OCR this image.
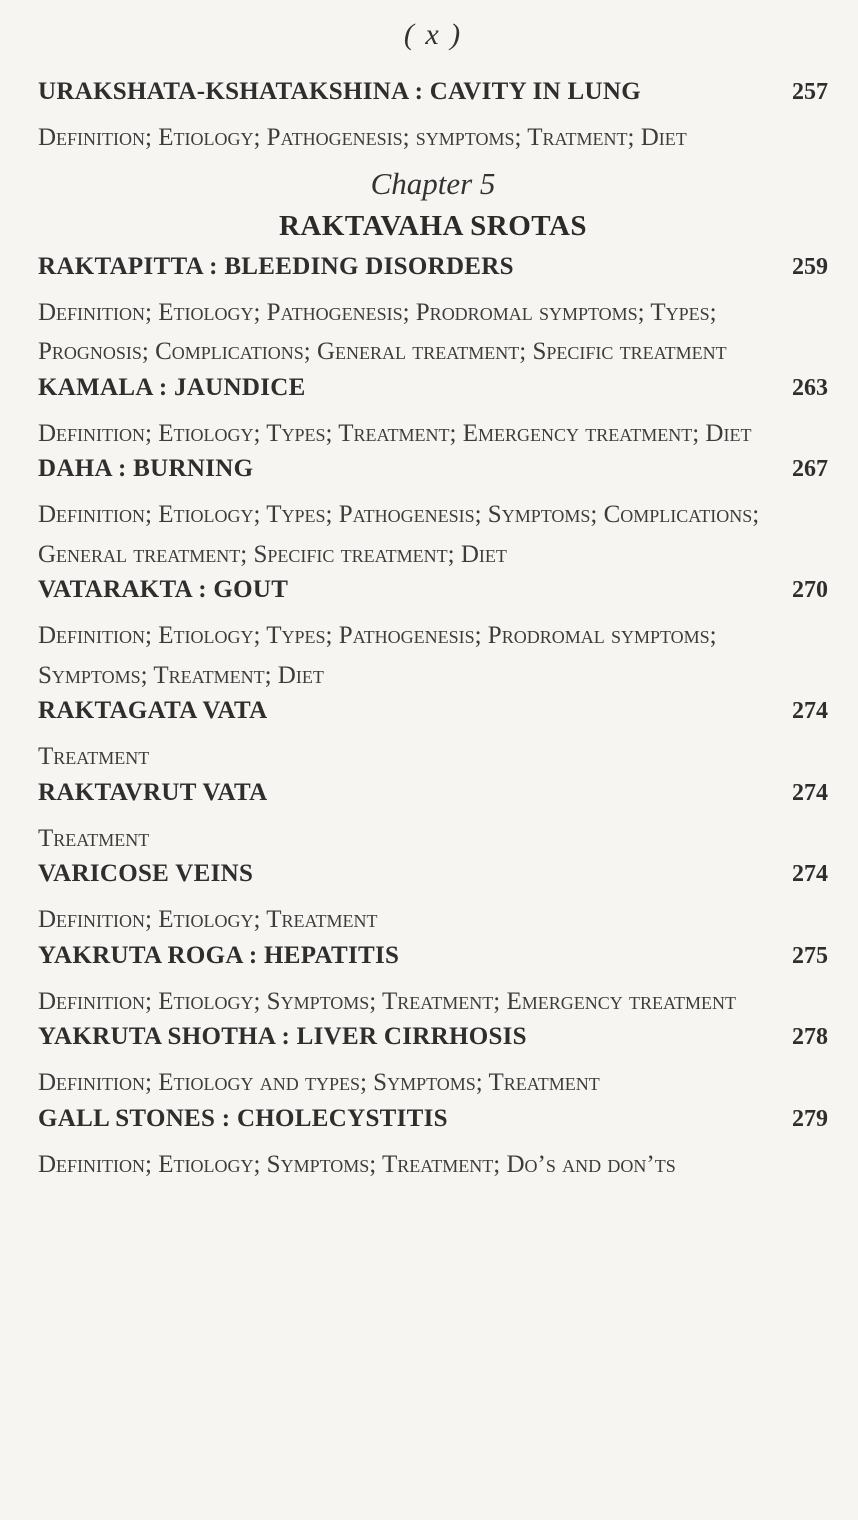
( x )
URAKSHATA-KSHATAKSHINA : CAVITY IN LUNG	257
Definition; Etiology; Pathogenesis; symptoms; Tratment; Diet
Chapter 5
RAKTAVAHA SROTAS
RAKTAPITTA : BLEEDING DISORDERS	259
Definition; Etiology; Pathogenesis; Prodromal symptoms; Types; Prognosis; Complications; General treatment; Specific treatment
KAMALA : JAUNDICE	263
Definition; Etiology; Types; Treatment; Emergency treatment; Diet
DAHA : BURNING	267
Definition; Etiology; Types; Pathogenesis; Symptoms; Complications; General treatment; Specific treatment; Diet
VATARAKTA : GOUT	270
Definition; Etiology; Types; Pathogenesis; Prodromal symptoms; Symptoms; Treatment; Diet
RAKTAGATA VATA	274
Treatment
RAKTAVRUT VATA	274
Treatment
VARICOSE VEINS	274
Definition; Etiology; Treatment
YAKRUTA ROGA : HEPATITIS	275
Definition; Etiology; Symptoms; Treatment; Emergency treatment
YAKRUTA SHOTHA : LIVER CIRRHOSIS	278
Definition; Etiology and types; Symptoms; Treatment
GALL STONES : CHOLECYSTITIS	279
Definition; Etiology; Symptoms; Treatment; Do’s and don’ts
